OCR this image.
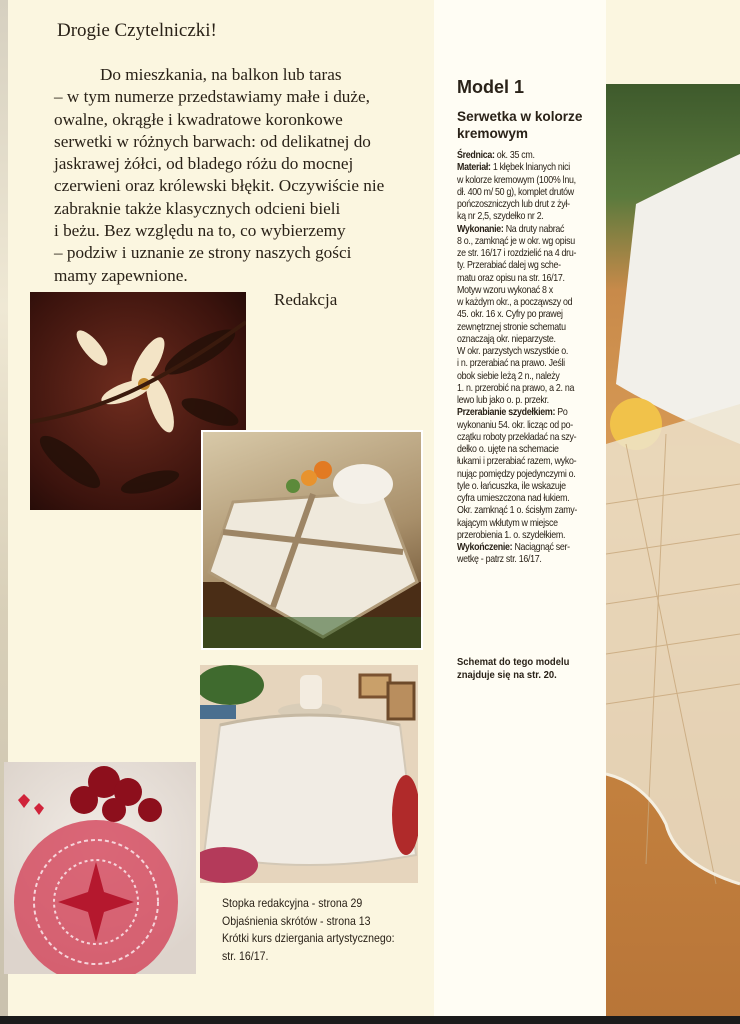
Drogie Czytelniczki!
Do mieszkania, na balkon lub taras
– w tym numerze przedstawiamy małe i duże,
owalne, okrągłe i kwadratowe koronkowe
serwetki w różnych barwach: od delikatnej do
jaskrawej żółci, od bladego różu do mocnej
czerwieni oraz królewski błękit. Oczywiście nie
zabraknie także klasycznych odcieni bieli
i beżu. Bez względu na to, co wybierzemy
– podziw i uznanie ze strony naszych gości
mamy zapewnione.
Redakcja
Model 1
Serwetka w kolorze
kremowym
Średnica: ok. 35 cm.
Materiał: 1 kłębek lnianych nici
w kolorze kremowym (100% lnu,
dł. 400 m/ 50 g), komplet drutów
pończoszniczych lub drut z żył-
ką nr 2,5, szydełko nr 2.
Wykonanie: Na druty nabrać
8 o., zamknąć je w okr. wg opisu
ze str. 16/17 i rozdzielić na 4 dru-
ty. Przerabiać dalej wg sche-
matu oraz opisu na str. 16/17.
Motyw wzoru wykonać 8 x
w każdym okr., a począwszy od
45. okr. 16 x. Cyfry po prawej
zewnętrznej stronie schematu
oznaczają okr. nieparzyste.
W okr. parzystych wszystkie o.
i n. przerabiać na prawo. Jeśli
obok siebie leżą 2 n., należy
1. n. przerobić na prawo, a 2. na
lewo lub jako o. p. przekr.
Przerabianie szydełkiem: Po
wykonaniu 54. okr. licząc od po-
czątku roboty przekładać na szy-
dełko o. ujęte na schemacie
łukami i przerabiać razem, wyko-
nując pomiędzy pojedynczymi o.
tyle o. łańcuszka, ile wskazuje
cyfra umieszczona nad łukiem.
Okr. zamknąć 1 o. ścisłym zamy-
kającym wkłutym w miejsce
przerobienia 1. o. szydełkiem.
Wykończenie: Naciągnąć ser-
wetkę - patrz str. 16/17.
Schemat do tego modelu
znajduje się na str. 20.
Stopka redakcyjna - strona 29
Objaśnienia skrótów - strona 13
Krótki kurs dziergania artystycznego:
str. 16/17.
